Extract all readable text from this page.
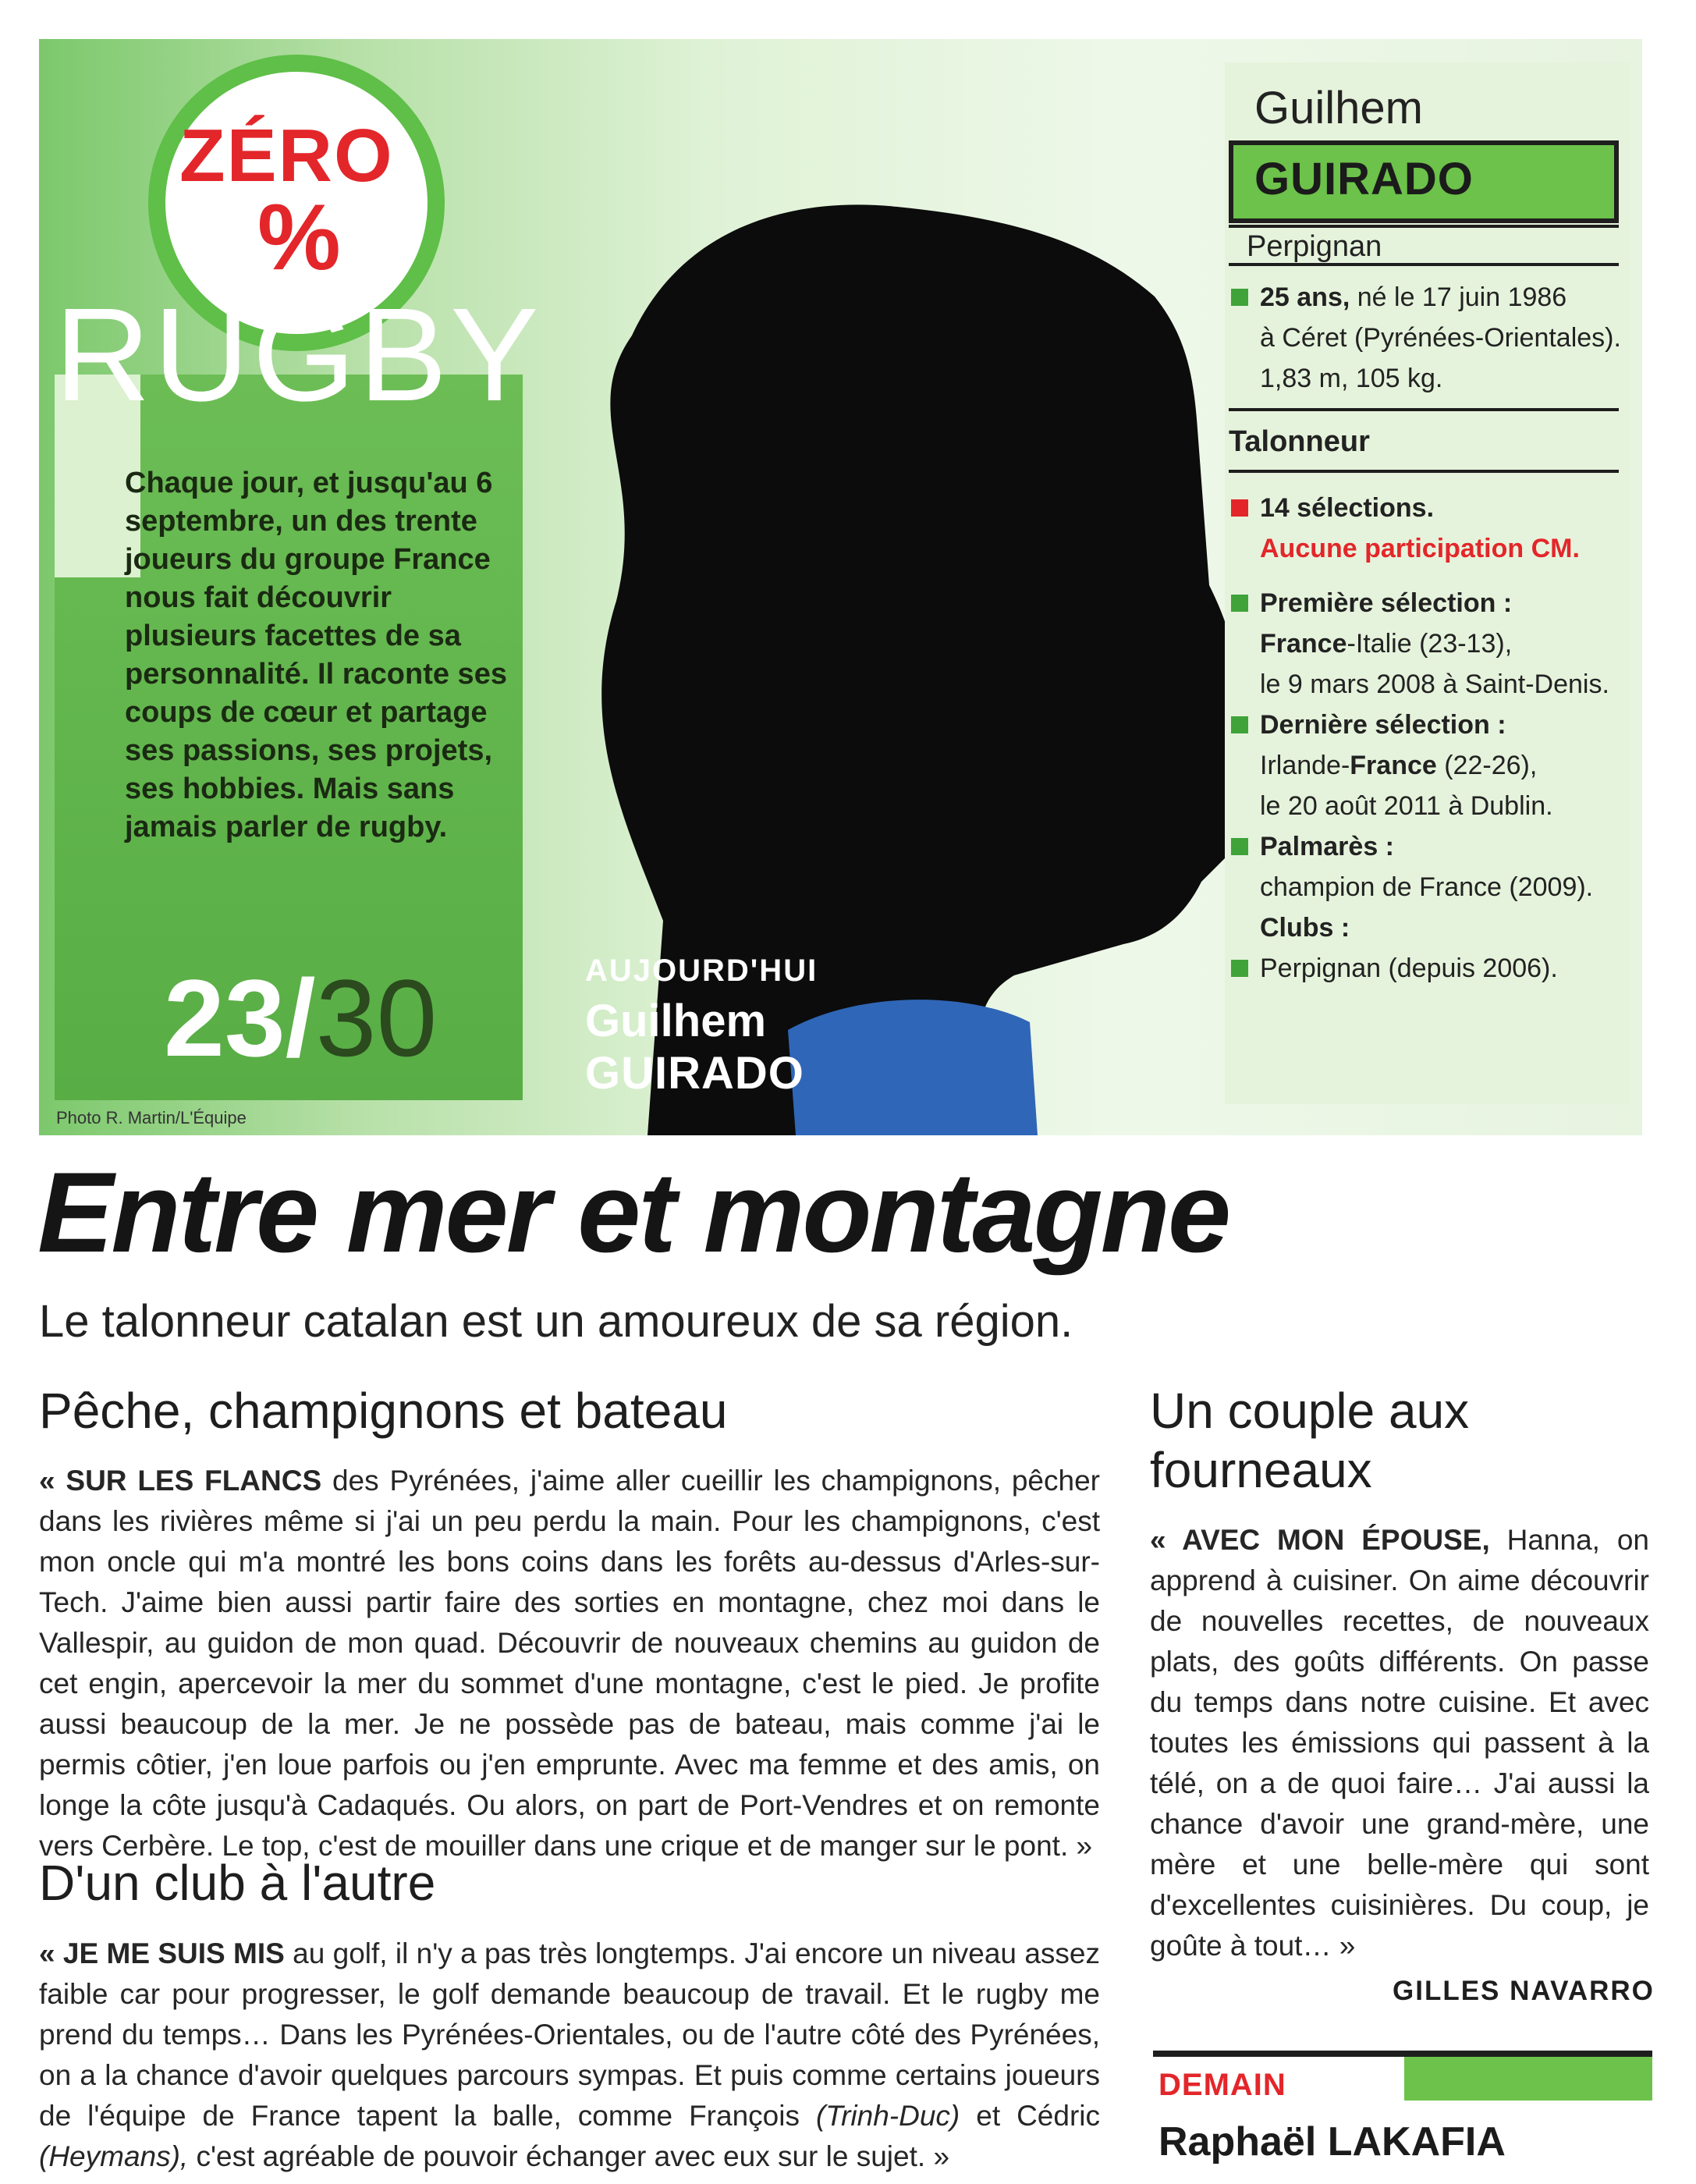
ZÉRO
%
RUGBY
Chaque jour, et jusqu'au 6 septembre, un des trente joueurs du groupe France nous fait découvrir plusieurs facettes de sa personnalité. Il raconte ses coups de cœur et partage ses passions, ses projets, ses hobbies. Mais sans jamais parler de rugby.
23/30
Photo R. Martin/L'Équipe
AUJOURD'HUI
Guilhem
GUIRADO
Guilhem
GUIRADO
Perpignan
25 ans, né le 17 juin 1986
à Céret (Pyrénées-Orientales).
1,83 m, 105 kg.
Talonneur
14 sélections.
Aucune participation CM.
Première sélection :
France-Italie (23-13),
le 9 mars 2008 à Saint-Denis.
Dernière sélection :
Irlande-France (22-26),
le 20 août 2011 à Dublin.
Palmarès :
champion de France (2009).
Clubs :
Perpignan (depuis 2006).
Entre mer et montagne
Le talonneur catalan est un amoureux de sa région.
Pêche, champignons et bateau
« SUR LES FLANCS des Pyrénées, j'aime aller cueillir les champignons, pêcher dans les rivières même si j'ai un peu perdu la main. Pour les champignons, c'est mon oncle qui m'a montré les bons coins dans les forêts au-dessus d'Arles-sur-Tech. J'aime bien aussi partir faire des sorties en montagne, chez moi dans le Vallespir, au guidon de mon quad. Découvrir de nouveaux chemins au guidon de cet engin, apercevoir la mer du sommet d'une montagne, c'est le pied. Je profite aussi beaucoup de la mer. Je ne possède pas de bateau, mais comme j'ai le permis côtier, j'en loue parfois ou j'en emprunte. Avec ma femme et des amis, on longe la côte jusqu'à Cadaqués. Ou alors, on part de Port-Vendres et on remonte vers Cerbère. Le top, c'est de mouiller dans une crique et de manger sur le pont. »
D'un club à l'autre
« JE ME SUIS MIS au golf, il n'y a pas très longtemps. J'ai encore un niveau assez faible car pour progresser, le golf demande beaucoup de travail. Et le rugby me prend du temps… Dans les Pyrénées-Orientales, ou de l'autre côté des Pyrénées, on a la chance d'avoir quelques parcours sympas. Et puis comme certains joueurs de l'équipe de France tapent la balle, comme François (Trinh-Duc) et Cédric (Heymans), c'est agréable de pouvoir échanger avec eux sur le sujet. »
Un couple aux fourneaux
« AVEC MON ÉPOUSE, Hanna, on apprend à cuisiner. On aime découvrir de nouvelles recettes, de nouveaux plats, des goûts différents. On passe du temps dans notre cuisine. Et avec toutes les émissions qui passent à la télé, on a de quoi faire… J'ai aussi la chance d'avoir une grand-mère, une mère et une belle-mère qui sont d'excellentes cuisinières. Du coup, je goûte à tout… »
GILLES NAVARRO
DEMAIN
Raphaël LAKAFIA
